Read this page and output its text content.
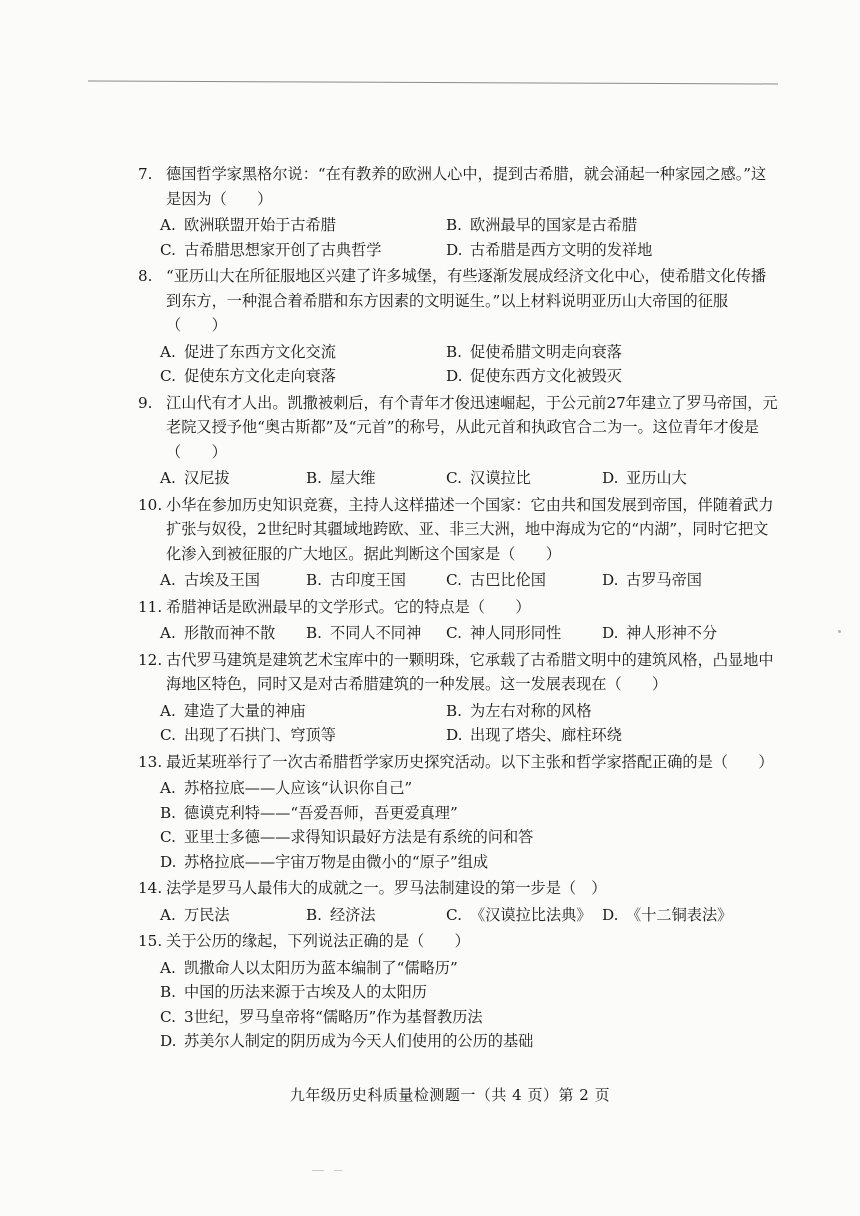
7. 德国哲学家黑格尔说：“在有教养的欧洲人心中，提到古希腊，就会涌起一种家园之感。”这是因为（　　）
A. 欧洲联盟开始于古希腊	B. 欧洲最早的国家是古希腊
C. 古希腊思想家开创了古典哲学	D. 古希腊是西方文明的发祥地
8. “亚历山大在所征服地区兴建了许多城堡，有些逐渐发展成经济文化中心，使希腊文化传播到东方，一种混合着希腊和东方因素的文明诞生。”以上材料说明亚历山大帝国的征服（　　）
A. 促进了东西方文化交流	B. 促使希腊文明走向衰落
C. 促使东方文化走向衰落	D. 促使东西方文化被毁灭
9. 江山代有才人出。凯撒被刺后，有个青年才俊迅速崛起，于公元前27年建立了罗马帝国，元老院又授予他“奥古斯都”及“元首”的称号，从此元首和执政官合二为一。这位青年才俊是（　　）
A. 汉尼拔	B. 屋大维	C. 汉谟拉比	D. 亚历山大
10. 小华在参加历史知识竞赛，主持人这样描述一个国家：它由共和国发展到帝国，伴随着武力扩张与奴役，2世纪时其疆域地跨欧、亚、非三大洲，地中海成为它的“内湖”，同时它把文化渗入到被征服的广大地区。据此判断这个国家是（　　）
A. 古埃及王国	B. 古印度王国	C. 古巴比伦国	D. 古罗马帝国
11. 希腊神话是欧洲最早的文学形式。它的特点是（　　）
A. 形散而神不散	B. 不同人不同神	C. 神人同形同性	D. 神人形神不分
12. 古代罗马建筑是建筑艺术宝库中的一颗明珠，它承载了古希腊文明中的建筑风格，凸显地中海地区特色，同时又是对古希腊建筑的一种发展。这一发展表现在（　　）
A. 建造了大量的神庙	B. 为左右对称的风格
C. 出现了石拱门、穹顶等	D. 出现了塔尖、廊柱环绕
13. 最近某班举行了一次古希腊哲学家历史探究活动。以下主张和哲学家搭配正确的是（　　）
A. 苏格拉底——人应该“认识你自己”
B. 德谟克利特——“吾爱吾师，吾更爱真理”
C. 亚里士多德——求得知识最好方法是有系统的问和答
D. 苏格拉底——宇宙万物是由微小的“原子”组成
14. 法学是罗马人最伟大的成就之一。罗马法制建设的第一步是（　）
A. 万民法	B. 经济法	C. 《汉谟拉比法典》 D. 《十二铜表法》
15. 关于公历的缘起，下列说法正确的是（　　）
A. 凯撒命人以太阳历为蓝本编制了“儒略历”
B. 中国的历法来源于古埃及人的太阳历
C. 3世纪，罗马皇帝将“儒略历”作为基督教历法
D. 苏美尔人制定的阴历成为今天人们使用的公历的基础
九年级历史科质量检测题一（共 4 页）第 2 页
